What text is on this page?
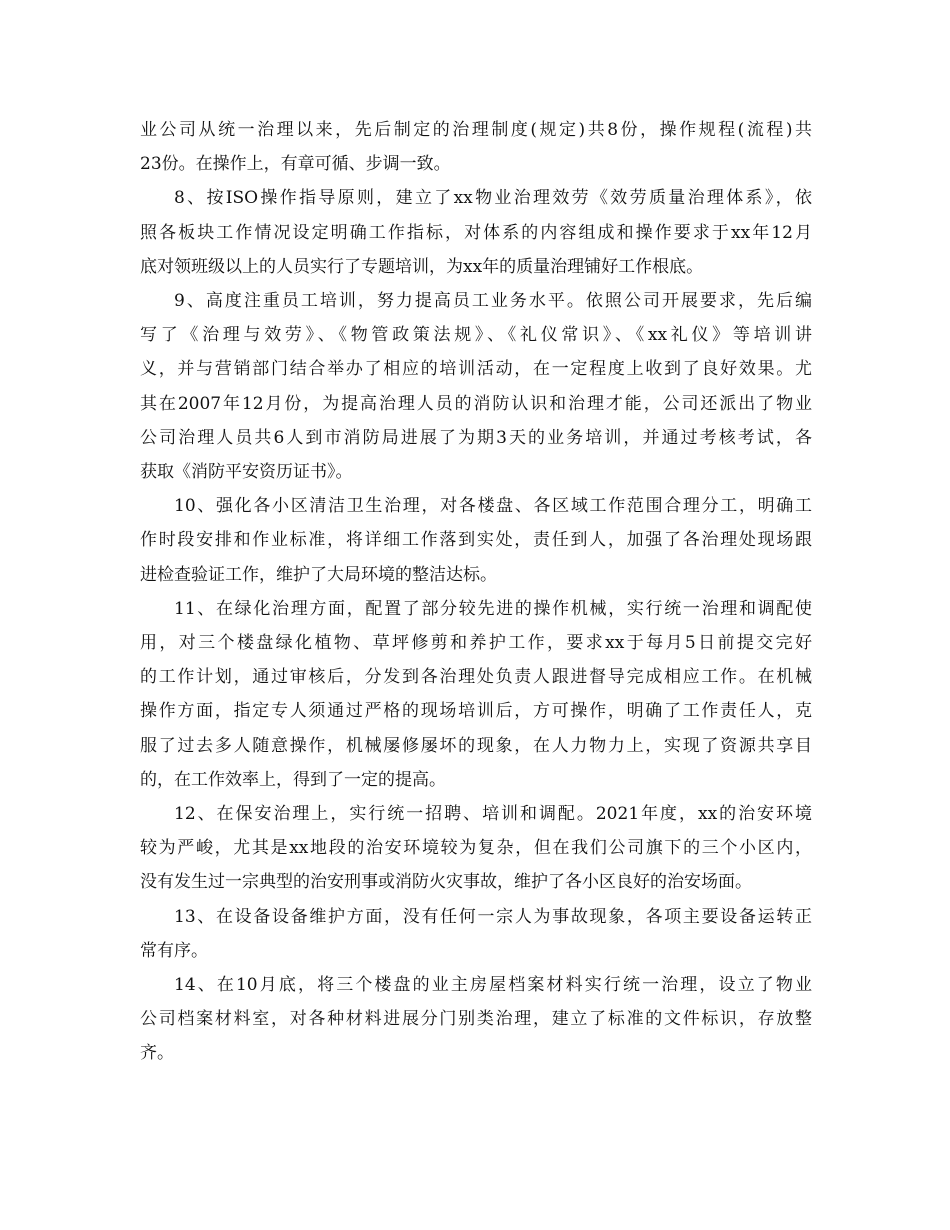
业公司从统一治理以来，先后制定的治理制度(规定)共8份，操作规程(流程)共
23份。在操作上，有章可循、步调一致。

8、按ISO操作指导原则，建立了xx物业治理效劳《效劳质量治理体系》，依
照各板块工作情况设定明确工作指标，对体系的内容组成和操作要求于xx年12月
底对领班级以上的人员实行了专题培训，为xx年的质量治理铺好工作根底。

9、高度注重员工培训，努力提高员工业务水平。依照公司开展要求，先后编
写了《治理与效劳》、《物管政策法规》、《礼仪常识》、《xx礼仪》等培训讲
义，并与营销部门结合举办了相应的培训活动，在一定程度上收到了良好效果。尤
其在2007年12月份，为提高治理人员的消防认识和治理才能，公司还派出了物业
公司治理人员共6人到市消防局进展了为期3天的业务培训，并通过考核考试，各
获取《消防平安资历证书》。

10、强化各小区清洁卫生治理，对各楼盘、各区域工作范围合理分工，明确工
作时段安排和作业标准，将详细工作落到实处，责任到人，加强了各治理处现场跟
进检查验证工作，维护了大局环境的整洁达标。

11、在绿化治理方面，配置了部分较先进的操作机械，实行统一治理和调配使
用，对三个楼盘绿化植物、草坪修剪和养护工作，要求xx于每月5日前提交完好
的工作计划，通过审核后，分发到各治理处负责人跟进督导完成相应工作。在机械
操作方面，指定专人须通过严格的现场培训后，方可操作，明确了工作责任人，克
服了过去多人随意操作，机械屡修屡坏的现象，在人力物力上，实现了资源共享目
的，在工作效率上，得到了一定的提高。

12、在保安治理上，实行统一招聘、培训和调配。2021年度，xx的治安环境
较为严峻，尤其是xx地段的治安环境较为复杂，但在我们公司旗下的三个小区内，
没有发生过一宗典型的治安刑事或消防火灾事故，维护了各小区良好的治安场面。

13、在设备设备维护方面，没有任何一宗人为事故现象，各项主要设备运转正
常有序。

14、在10月底，将三个楼盘的业主房屋档案材料实行统一治理，设立了物业
公司档案材料室，对各种材料进展分门别类治理，建立了标准的文件标识，存放整
齐。
